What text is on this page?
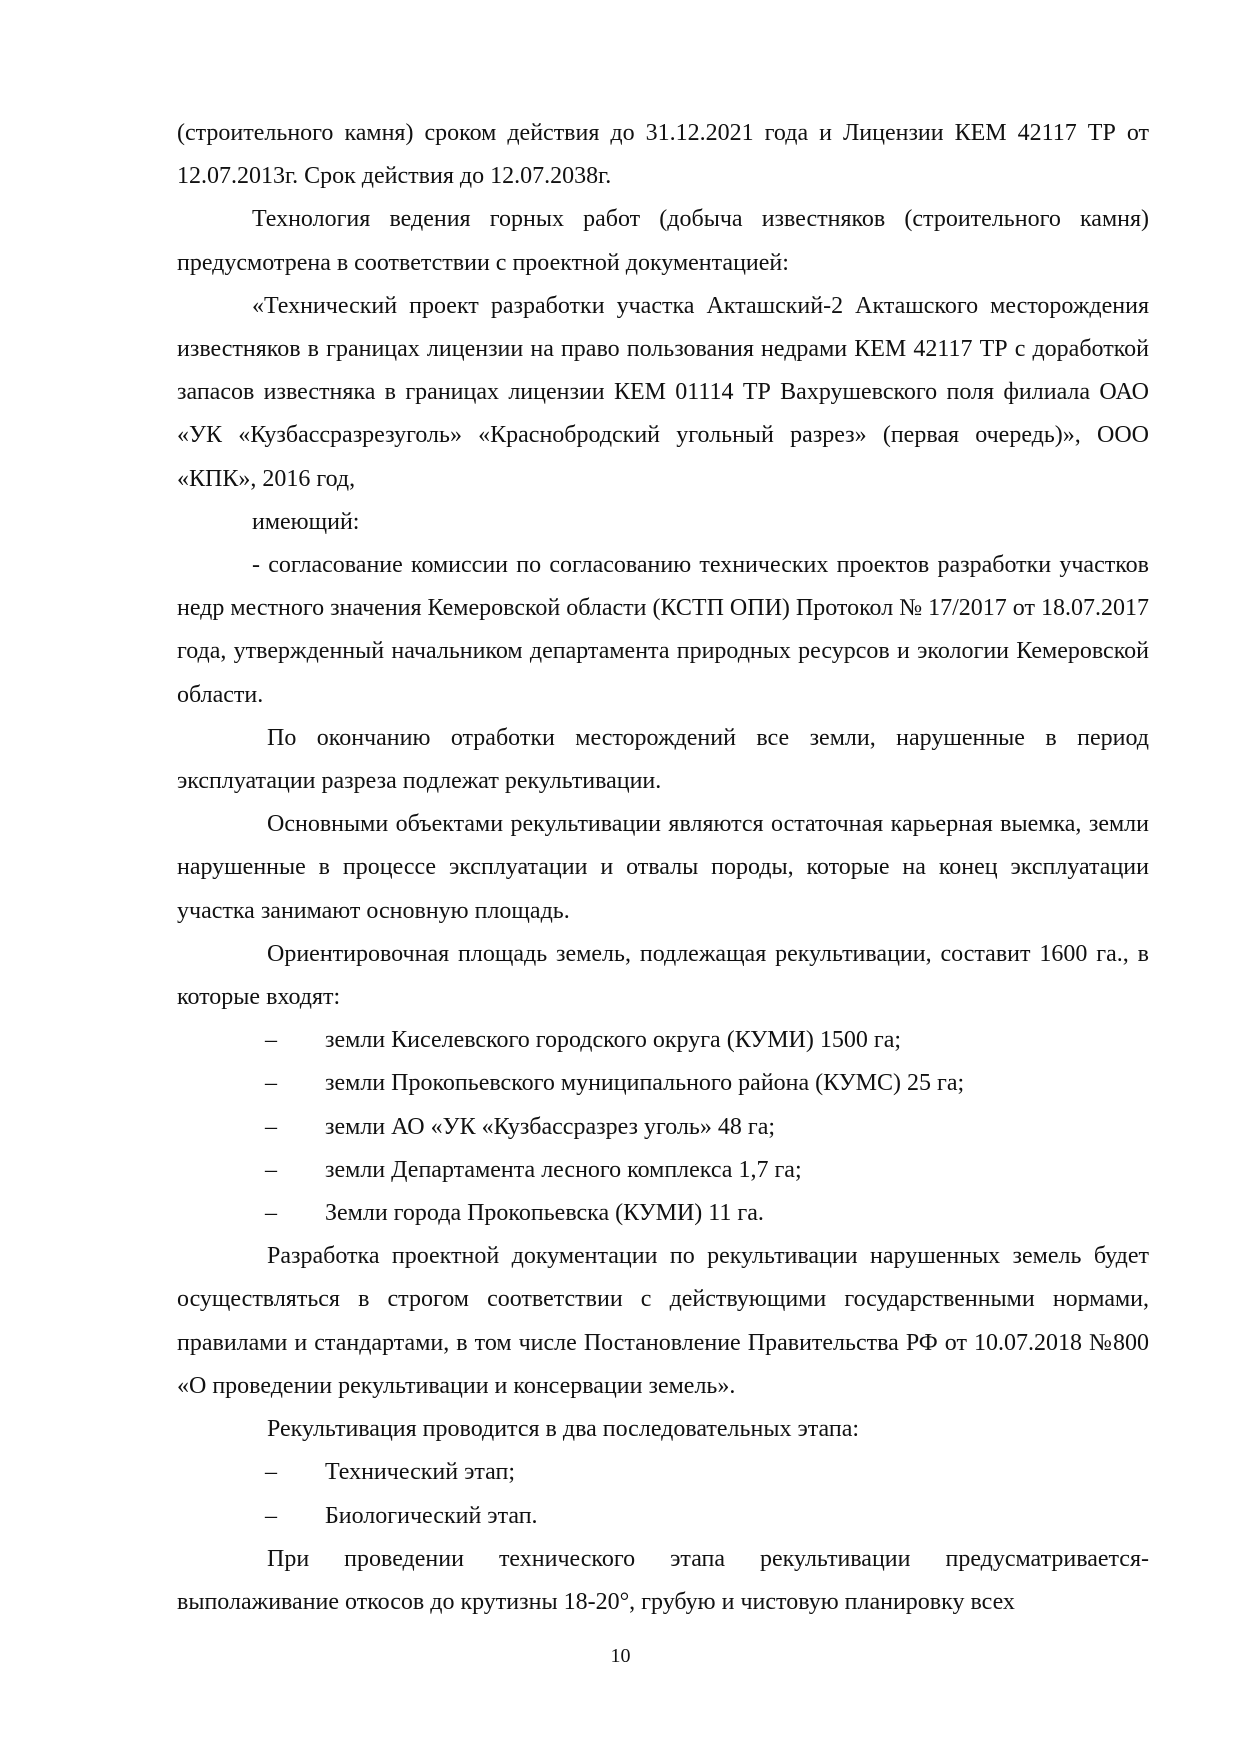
(строительного камня) сроком действия до 31.12.2021 года и Лицензии КЕМ 42117 ТР от 12.07.2013г. Срок действия до 12.07.2038г.

Технология ведения горных работ (добыча известняков (строительного камня) предусмотрена в соответствии с проектной документацией:

«Технический проект разработки участка Акташский-2 Акташского месторождения известняков в границах лицензии на право пользования недрами КЕМ 42117 ТР с доработкой запасов известняка в границах лицензии КЕМ 01114 ТР Вахрушевского поля филиала ОАО «УК «Кузбассразрезуголь» «Краснобродский угольный разрез» (первая очередь)», ООО «КПК», 2016 год,

имеющий:

- согласование комиссии по согласованию технических проектов разработки участков недр местного значения Кемеровской области (КСТП ОПИ) Протокол № 17/2017 от 18.07.2017 года, утвержденный начальником департамента природных ресурсов и экологии Кемеровской области.

По окончанию отработки месторождений все земли, нарушенные в период эксплуатации разреза подлежат рекультивации.

Основными объектами рекультивации являются остаточная карьерная выемка, земли нарушенные в процессе эксплуатации и отвалы породы, которые на конец эксплуатации участка занимают основную площадь.

Ориентировочная площадь земель, подлежащая рекультивации, составит 1600 га., в которые входят:

– земли Киселевского городского округа (КУМИ) 1500 га;

– земли Прокопьевского муниципального района (КУМС) 25 га;

– земли АО «УК «Кузбассразрез уголь» 48 га;

– земли Департамента лесного комплекса 1,7 га;

– Земли города Прокопьевска (КУМИ) 11 га.

Разработка проектной документации по рекультивации нарушенных земель будет осуществляться в строгом соответствии с действующими государственными нормами, правилами и стандартами, в том числе Постановление Правительства РФ от 10.07.2018 №800 «О проведении рекультивации и консервации земель».

Рекультивация проводится в два последовательных этапа:

– Технический этап;

– Биологический этап.

При проведении технического этапа рекультивации предусматривается-выполаживание откосов до крутизны 18-20°, грубую и чистовую планировку всех

10
